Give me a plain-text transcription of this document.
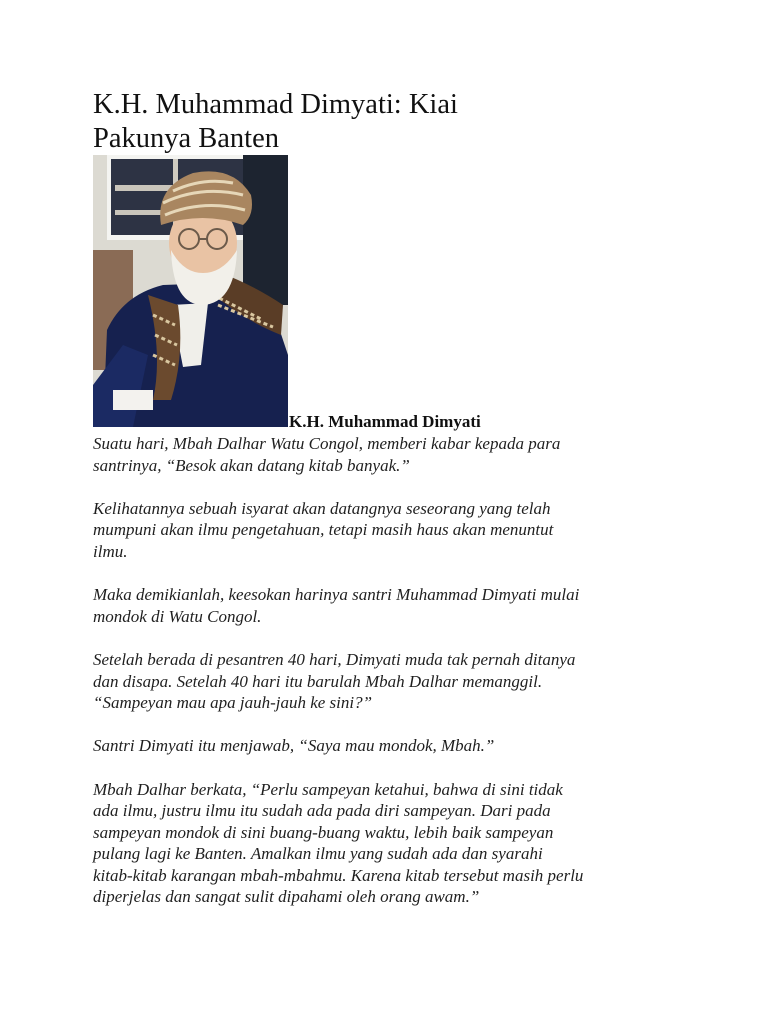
K.H. Muhammad Dimyati: Kiai
Pakunya Banten
K.H. Muhammad Dimyati

Suatu hari, Mbah Dalhar Watu Congol, memberi kabar kepada para
santrinya, “Besok akan datang kitab banyak.”

Kelihatannya sebuah isyarat akan datangnya seseorang yang telah
mumpuni akan ilmu pengetahuan, tetapi masih haus akan menuntut
ilmu.

Maka demikianlah, keesokan harinya santri Muhammad Dimyati mulai
mondok di Watu Congol.

Setelah berada di pesantren 40 hari, Dimyati muda tak pernah ditanya
dan disapa. Setelah 40 hari itu barulah Mbah Dalhar memanggil.
“Sampeyan mau apa jauh-jauh ke sini?”

Santri Dimyati itu menjawab, “Saya mau mondok, Mbah.”

Mbah Dalhar berkata, “Perlu sampeyan ketahui, bahwa di sini tidak
ada ilmu, justru ilmu itu sudah ada pada diri sampeyan. Dari pada
sampeyan mondok di sini buang-buang waktu, lebih baik sampeyan
pulang lagi ke Banten. Amalkan ilmu yang sudah ada dan syarahi
kitab-kitab karangan mbah-mbahmu. Karena kitab tersebut masih perlu
diperjelas dan sangat sulit dipahami oleh orang awam.”
